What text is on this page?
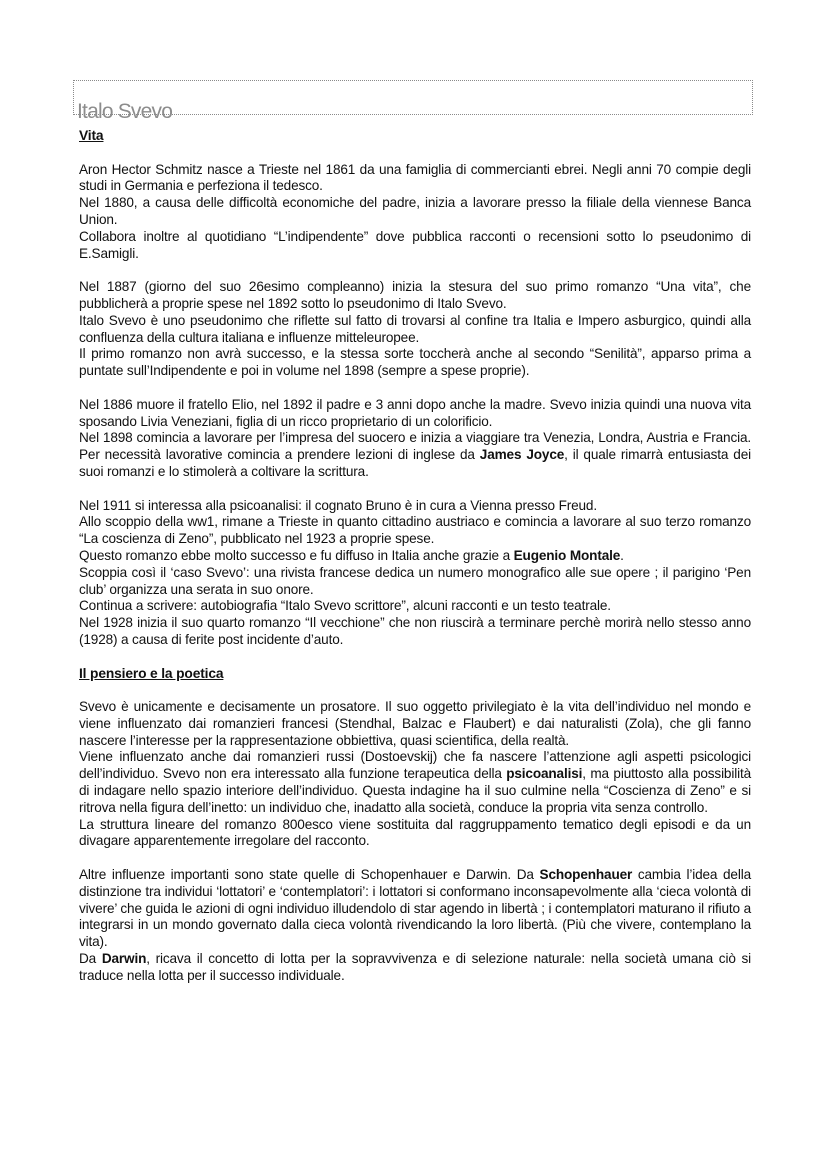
Italo Svevo
Vita

Aron Hector Schmitz nasce a Trieste nel 1861 da una famiglia di commercianti ebrei. Negli anni 70 compie degli studi in Germania e perfeziona il tedesco.

Nel 1880, a causa delle difficoltà economiche del padre, inizia a lavorare presso la filiale della viennese Banca Union.

Collabora inoltre al quotidiano “L’indipendente” dove pubblica racconti o recensioni sotto lo pseudonimo di E.Samigli.

Nel 1887 (giorno del suo 26esimo compleanno) inizia la stesura del suo primo romanzo “Una vita”, che pubblicherà a proprie spese nel 1892 sotto lo pseudonimo di Italo Svevo.

Italo Svevo è uno pseudonimo che riflette sul fatto di trovarsi al confine tra Italia e Impero asburgico, quindi alla confluenza della cultura italiana e influenze mitteleuropee.

Il primo romanzo non avrà successo, e la stessa sorte toccherà anche al secondo “Senilità”, apparso prima a puntate sull’Indipendente e poi in volume nel 1898 (sempre a spese proprie).

Nel 1886 muore il fratello Elio, nel 1892 il padre e 3 anni dopo anche la madre. Svevo inizia quindi una nuova vita sposando Livia Veneziani, figlia di un ricco proprietario di un colorificio.

Nel 1898 comincia a lavorare per l’impresa del suocero e inizia a viaggiare tra Venezia, Londra, Austria e Francia. Per necessità lavorative comincia a prendere lezioni di inglese da James Joyce, il quale rimarrà entusiasta dei suoi romanzi e lo stimolerà a coltivare la scrittura.

Nel 1911 si interessa alla psicoanalisi: il cognato Bruno è in cura a Vienna presso Freud.

Allo scoppio della ww1, rimane a Trieste in quanto cittadino austriaco e comincia a lavorare al suo terzo romanzo “La coscienza di Zeno”, pubblicato nel 1923 a proprie spese.

Questo romanzo ebbe molto successo e fu diffuso in Italia anche grazie a Eugenio Montale.

Scoppia così il ‘caso Svevo’: una rivista francese dedica un numero monografico alle sue opere ; il parigino ‘Pen club’ organizza una serata in suo onore.

Continua a scrivere: autobiografia “Italo Svevo scrittore”, alcuni racconti e un testo teatrale.

Nel 1928 inizia il suo quarto romanzo “Il vecchione” che non riuscirà a terminare perchè morirà nello stesso anno (1928) a causa di ferite post incidente d’auto.

Il pensiero e la poetica

Svevo è unicamente e decisamente un prosatore. Il suo oggetto privilegiato è la vita dell’individuo nel mondo e viene influenzato dai romanzieri francesi (Stendhal, Balzac e Flaubert) e dai naturalisti (Zola), che gli fanno nascere l’interesse per la rappresentazione obbiettiva, quasi scientifica, della realtà.

Viene influenzato anche dai romanzieri russi (Dostoevskij) che fa nascere l’attenzione agli aspetti psicologici dell’individuo. Svevo non era interessato alla funzione terapeutica della psicoanalisi, ma piuttosto alla possibilità di indagare nello spazio interiore dell’individuo. Questa indagine ha il suo culmine nella “Coscienza di Zeno” e si ritrova nella figura dell’inetto: un individuo che, inadatto alla società, conduce la propria vita senza controllo.

La struttura lineare del romanzo 800esco viene sostituita dal raggruppamento tematico degli episodi e da un divagare apparentemente irregolare del racconto.

Altre influenze importanti sono state quelle di Schopenhauer e Darwin. Da Schopenhauer cambia l’idea della distinzione tra individui ‘lottatori’ e ‘contemplatori’: i lottatori si conformano inconsapevolmente alla ‘cieca volontà di vivere’ che guida le azioni di ogni individuo illudendolo di star agendo in libertà ; i contemplatori maturano il rifiuto a integrarsi in un mondo governato dalla cieca volontà rivendicando la loro libertà. (Più che vivere, contemplano la vita).

Da Darwin, ricava il concetto di lotta per la sopravvivenza e di selezione naturale: nella società umana ciò si traduce nella lotta per il successo individuale.
